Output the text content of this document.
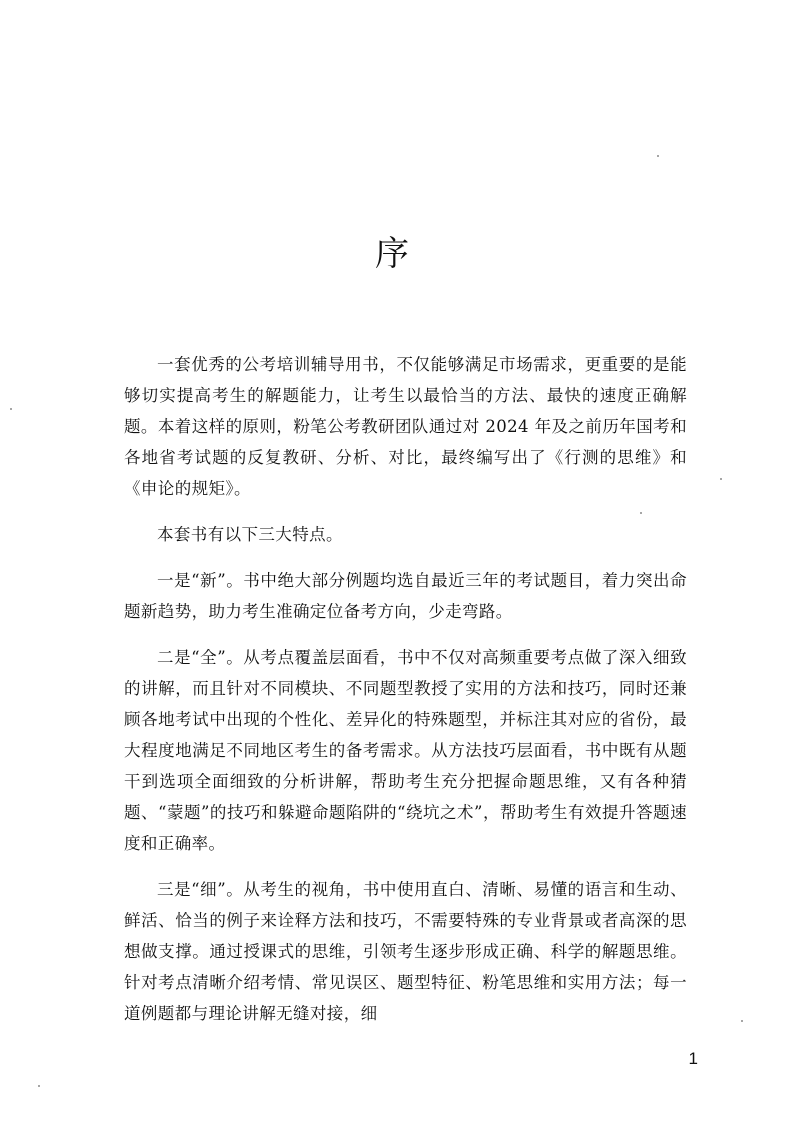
序

一套优秀的公考培训辅导用书，不仅能够满足市场需求，更重要的是能够切实提高考生的解题能力，让考生以最恰当的方法、最快的速度正确解题。本着这样的原则，粉笔公考教研团队通过对 2024 年及之前历年国考和各地省考试题的反复教研、分析、对比，最终编写出了《行测的思维》和《申论的规矩》。

本套书有以下三大特点。

一是“新”。书中绝大部分例题均选自最近三年的考试题目，着力突出命题新趋势，助力考生准确定位备考方向，少走弯路。

二是“全”。从考点覆盖层面看，书中不仅对高频重要考点做了深入细致的讲解，而且针对不同模块、不同题型教授了实用的方法和技巧，同时还兼顾各地考试中出现的个性化、差异化的特殊题型，并标注其对应的省份，最大程度地满足不同地区考生的备考需求。从方法技巧层面看，书中既有从题干到选项全面细致的分析讲解，帮助考生充分把握命题思维，又有各种猜题、“蒙题”的技巧和躲避命题陷阱的“绕坑之术”，帮助考生有效提升答题速度和正确率。

三是“细”。从考生的视角，书中使用直白、清晰、易懂的语言和生动、鲜活、恰当的例子来诠释方法和技巧，不需要特殊的专业背景或者高深的思想做支撑。通过授课式的思维，引领考生逐步形成正确、科学的解题思维。针对考点清晰介绍考情、常见误区、题型特征、粉笔思维和实用方法；每一道例题都与理论讲解无缝对接，细

1
